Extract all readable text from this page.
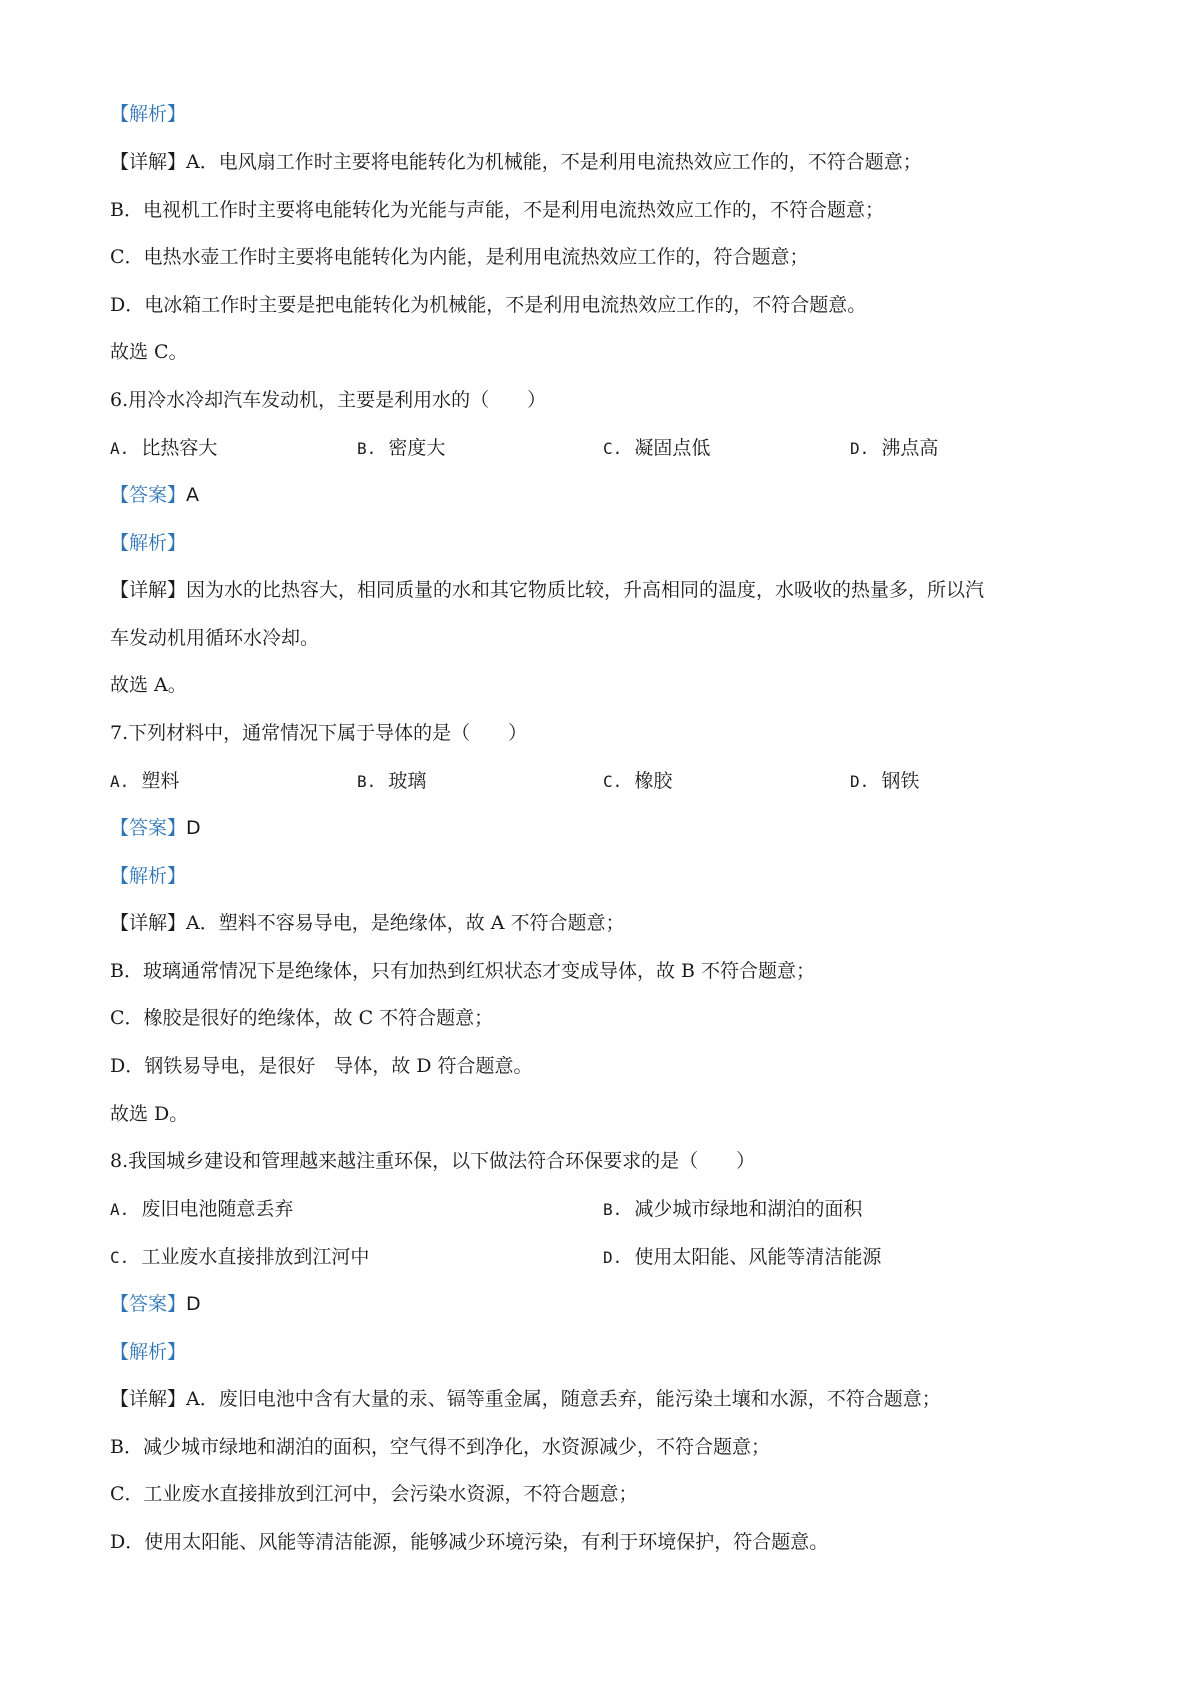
【解析】
【详解】A．电风扇工作时主要将电能转化为机械能，不是利用电流热效应工作的，不符合题意；
B．电视机工作时主要将电能转化为光能与声能，不是利用电流热效应工作的，不符合题意；
C．电热水壶工作时主要将电能转化为内能，是利用电流热效应工作的，符合题意；
D．电冰箱工作时主要是把电能转化为机械能，不是利用电流热效应工作的，不符合题意。
故选 C。
6.用冷水冷却汽车发动机，主要是利用水的（　　）
A. 比热容大	B. 密度大	C. 凝固点低	D. 沸点高
【答案】A
【解析】
【详解】因为水的比热容大，相同质量的水和其它物质比较，升高相同的温度，水吸收的热量多，所以汽
车发动机用循环水冷却。
故选 A。
7.下列材料中，通常情况下属于导体的是（　　）
A. 塑料	B. 玻璃	C. 橡胶	D. 钢铁
【答案】D
【解析】
【详解】A．塑料不容易导电，是绝缘体，故 A 不符合题意；
B．玻璃通常情况下是绝缘体，只有加热到红炽状态才变成导体，故 B 不符合题意；
C．橡胶是很好的绝缘体，故 C 不符合题意；
D．钢铁易导电，是很好　导体，故 D 符合题意。
故选 D。
8.我国城乡建设和管理越来越注重环保，以下做法符合环保要求的是（　　）
A. 废旧电池随意丢弃	B. 减少城市绿地和湖泊的面积
C. 工业废水直接排放到江河中	D. 使用太阳能、风能等清洁能源
【答案】D
【解析】
【详解】A．废旧电池中含有大量的汞、镉等重金属，随意丢弃，能污染土壤和水源，不符合题意；
B．减少城市绿地和湖泊的面积，空气得不到净化，水资源减少，不符合题意；
C．工业废水直接排放到江河中，会污染水资源，不符合题意；
D．使用太阳能、风能等清洁能源，能够减少环境污染，有利于环境保护，符合题意。
